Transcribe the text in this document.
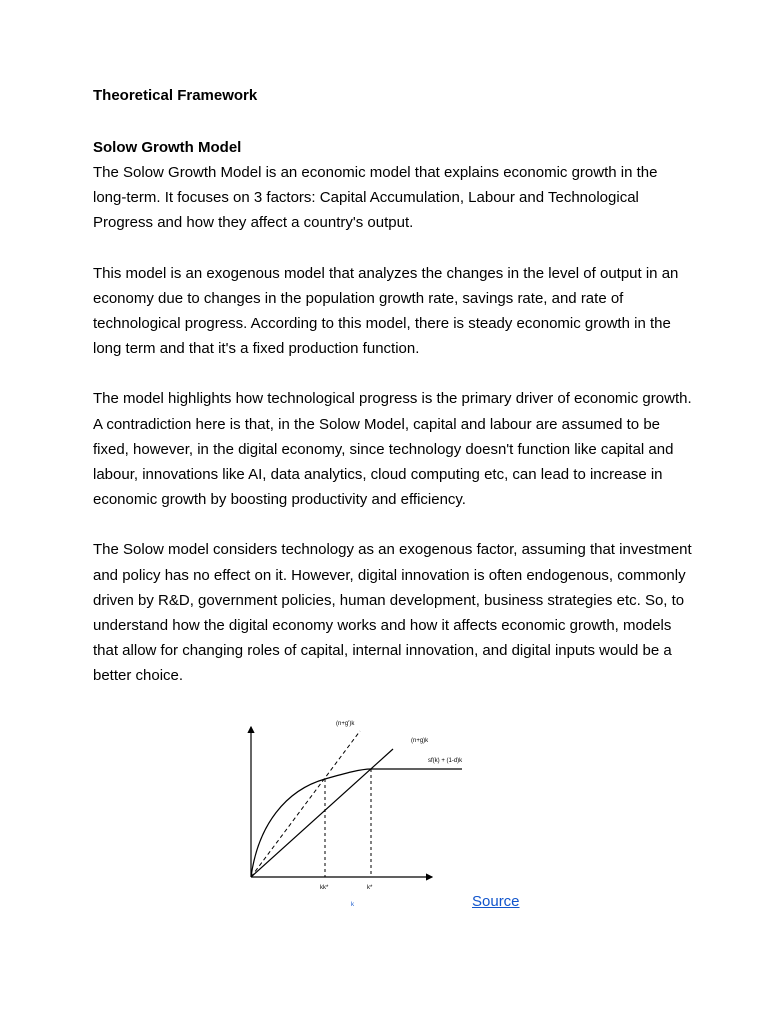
Theoretical Framework

Solow Growth Model

The Solow Growth Model is an economic model that explains economic growth in the long-term. It focuses on 3 factors: Capital Accumulation, Labour and Technological Progress and how they affect a country's output.

This model is an exogenous model that analyzes the changes in the level of output in an economy due to changes in the population growth rate, savings rate, and rate of technological progress. According to this model, there is steady economic growth in the long term and that it's a fixed production function.

The model highlights how technological progress is the primary driver of economic growth. A contradiction here is that, in the Solow Model, capital and labour are assumed to be fixed, however, in the digital economy, since technology doesn't function like capital and labour, innovations like AI, data analytics, cloud computing etc, can lead to increase in economic growth by boosting productivity and efficiency.

The Solow model considers technology as an exogenous factor, assuming that investment and policy has no effect on it. However, digital innovation is often endogenous, commonly driven by R&D, government policies, human development, business strategies etc. So, to understand how the digital economy works and how it affects economic growth, models that allow for changing roles of capital, internal innovation, and digital inputs would be a better choice.

(n+g')k
(n+g)k
sf(k) + (1-d)k
kk*	k*
k	Source
